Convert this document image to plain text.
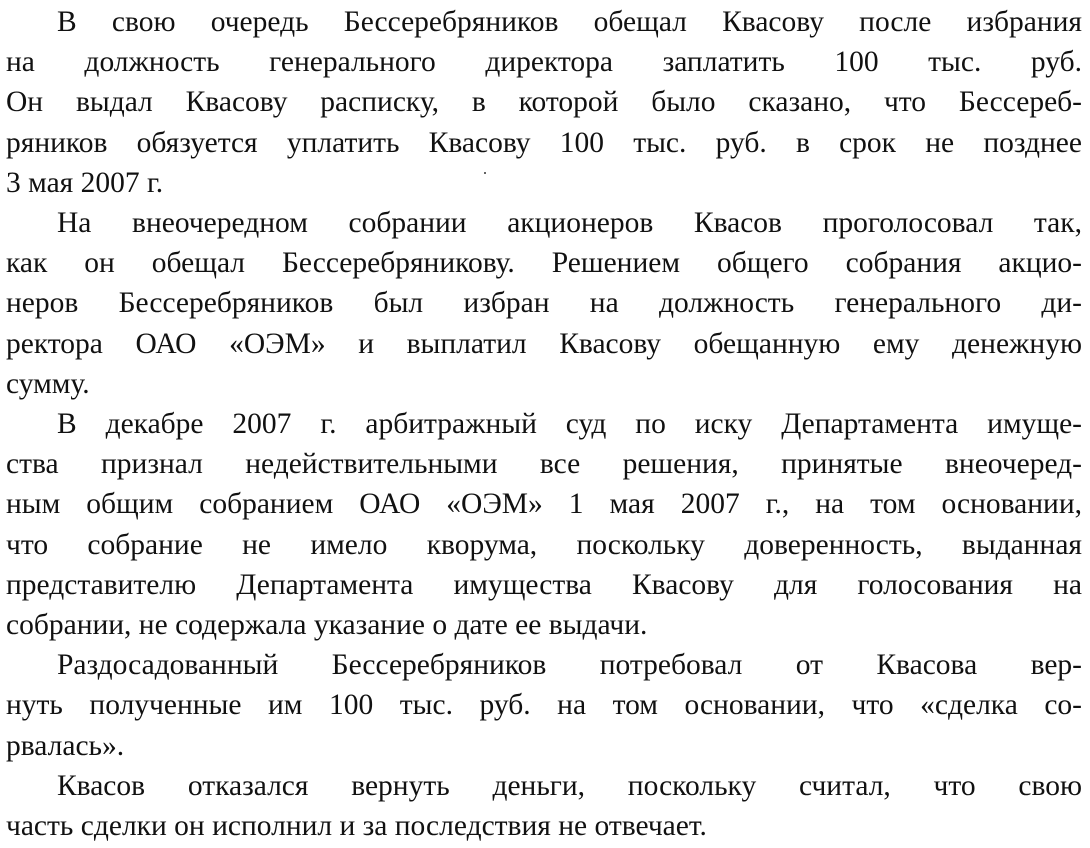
В свою очередь Бессеребряников обещал Квасову после избрания
на должность генерального директора заплатить 100 тыс. руб.
Он выдал Квасову расписку, в которой было сказано, что Бессереб-
ряников обязуется уплатить Квасову 100 тыс. руб. в срок не позднее
3 мая 2007 г.
На внеочередном собрании акционеров Квасов проголосовал так,
как он обещал Бессеребряникову. Решением общего собрания акцио-
неров Бессеребряников был избран на должность генерального ди-
ректора ОАО «ОЭМ» и выплатил Квасову обещанную ему денежную
сумму.
В декабре 2007 г. арбитражный суд по иску Департамента имуще-
ства признал недействительными все решения, принятые внеочеред-
ным общим собранием ОАО «ОЭМ» 1 мая 2007 г., на том основании,
что собрание не имело кворума, поскольку доверенность, выданная
представителю Департамента имущества Квасову для голосования на
собрании, не содержала указание о дате ее выдачи.
Раздосадованный Бессеребряников потребовал от Квасова вер-
нуть полученные им 100 тыс. руб. на том основании, что «сделка со-
рвалась».
Квасов отказался вернуть деньги, поскольку считал, что свою
часть сделки он исполнил и за последствия не отвечает.
